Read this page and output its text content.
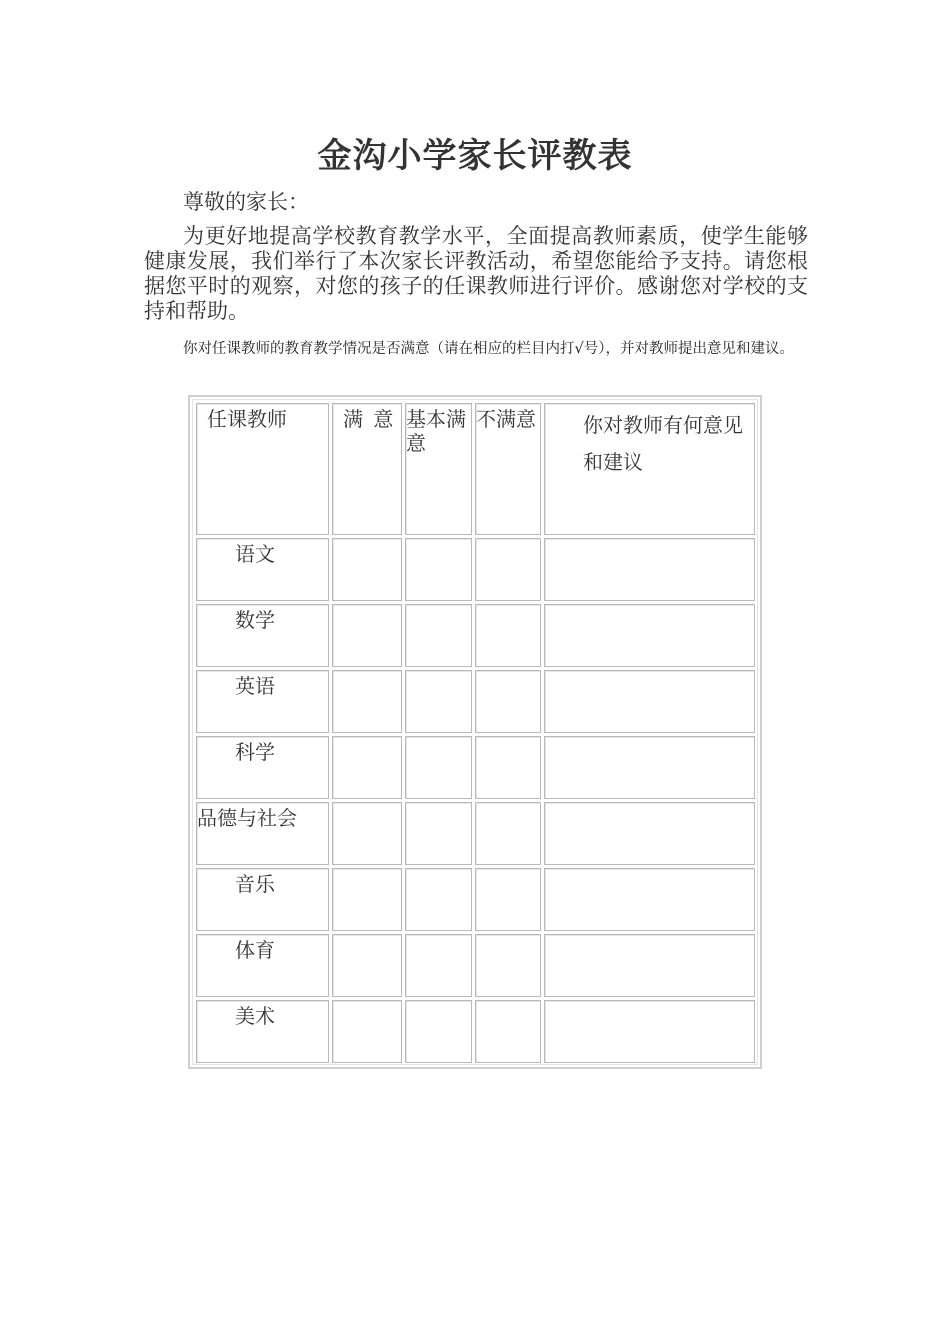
金沟小学家长评教表
尊敬的家长：
为更好地提高学校教育教学水平，全面提高教师素质，使学生能够健康发展，我们举行了本次家长评教活动，希望您能给予支持。请您根据您平时的观察，对您的孩子的任课教师进行评价。感谢您对学校的支持和帮助。
你对任课教师的教育教学情况是否满意（请在相应的栏目内打√号），并对教师提出意见和建议。
任课教师	满 意	基本满意	不满意	你对教师有何意见和建议
语文				
数学				
英语				
科学				
品德与社会				
音乐				
体育				
美术				
